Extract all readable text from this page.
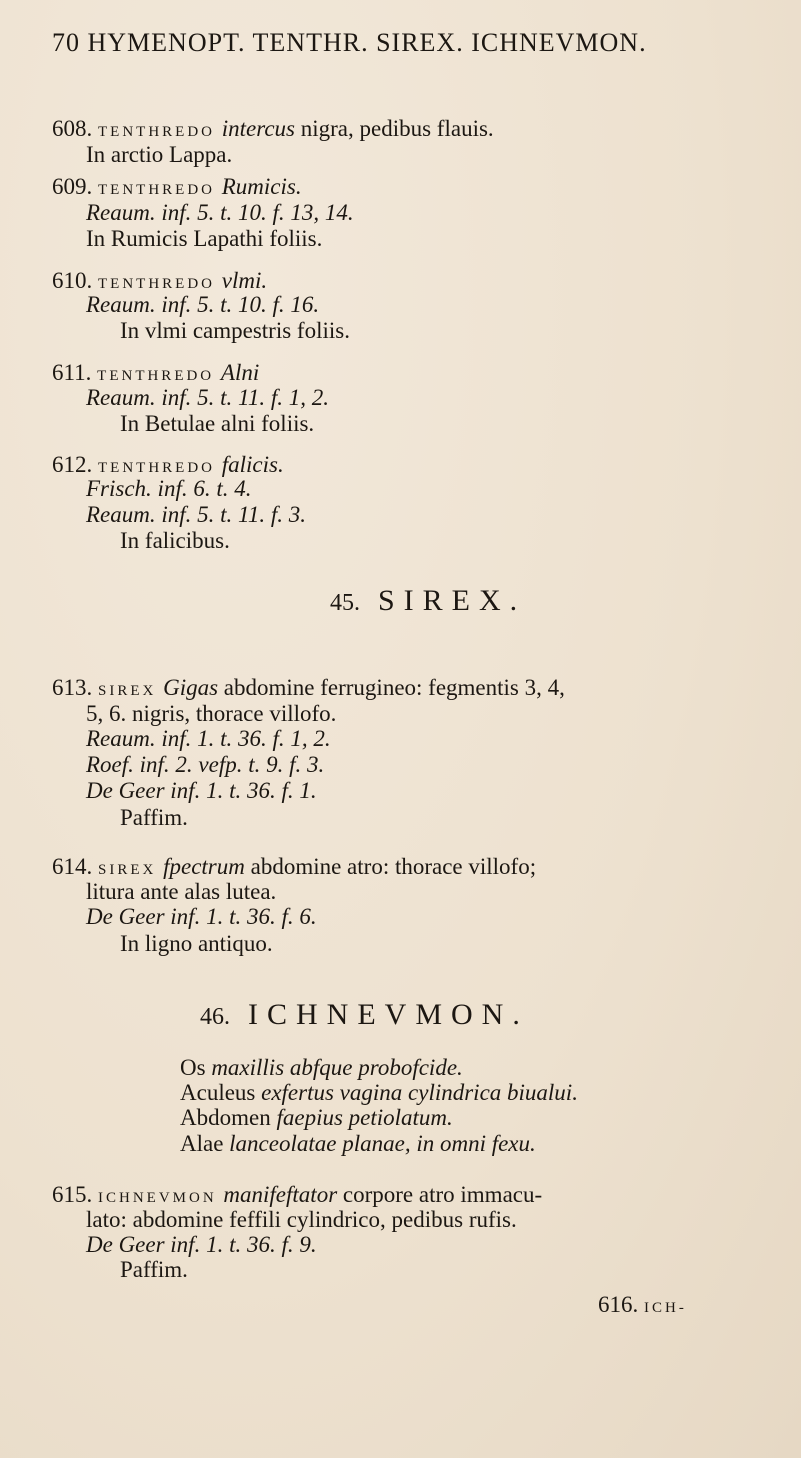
70 HYMENOPT. TENTHR. SIREX. ICHNEVMON.
608. TENTHREDO intercus nigra, pedibus flauis.
In arctio Lappa.
609. TENTHREDO Rumicis.
Reaum. inf. 5. t. 10. f. 13, 14.
In Rumicis Lapathi foliis.
610. TENTHREDO vlmi.
Reaum. inf. 5. t. 10. f. 16.
In vlmi campestris foliis.
611. TENTHREDO Alni
Reaum. inf. 5. t. 11. f. 1, 2.
In Betulae alni foliis.
612. TENTHREDO falicis.
Frisch. inf. 6. t. 4.
Reaum. inf. 5. t. 11. f. 3.
In falicibus.
45. SIREX.
613. SIREX Gigas abdomine ferrugineo: fegmentis 3, 4,
5, 6. nigris, thorace villofo.
Reaum. inf. 1. t. 36. f. 1, 2.
Roef. inf. 2. vefp. t. 9. f. 3.
De Geer inf. 1. t. 36. f. 1.
Paffim.
614. SIREX fpectrum abdomine atro: thorace villofo;
litura ante alas lutea.
De Geer inf. 1. t. 36. f. 6.
In ligno antiquo.
46. ICHNEVMON.
Os maxillis abfque probofcide.
Aculeus exfertus vagina cylindrica biualui.
Abdomen faepius petiolatum.
Alae lanceolatae planae, in omni fexu.
615. ICHNEVMON manifeftator corpore atro immacu-
lato: abdomine feffili cylindrico, pedibus rufis.
De Geer inf. 1. t. 36. f. 9.
Paffim.
616. ICH-
